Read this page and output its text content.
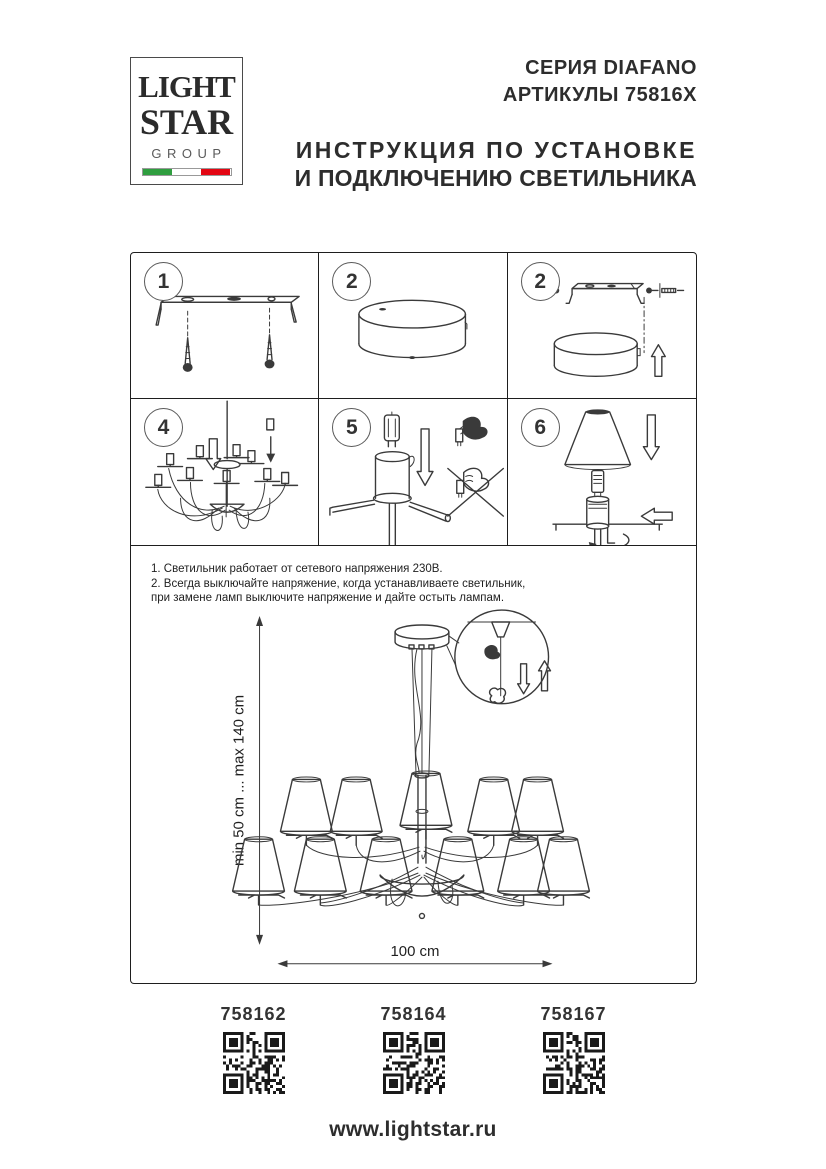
LIGHT
STAR
GROUP
СЕРИЯ DIAFANO
АРТИКУЛЫ 75816X
ИНСТРУКЦИЯ ПО УСТАНОВКЕ
И ПОДКЛЮЧЕНИЮ СВЕТИЛЬНИКА
1	2	2
4	5	6
1. Светильник работает от сетевого напряжения 230В.
2. Всегда выключайте напряжение, когда устанавливаете светильник,
при замене ламп выключите напряжение и дайте остыть лампам.
min 50 cm ... max 140 cm
100 cm
758162	758164	758167
www.lightstar.ru
